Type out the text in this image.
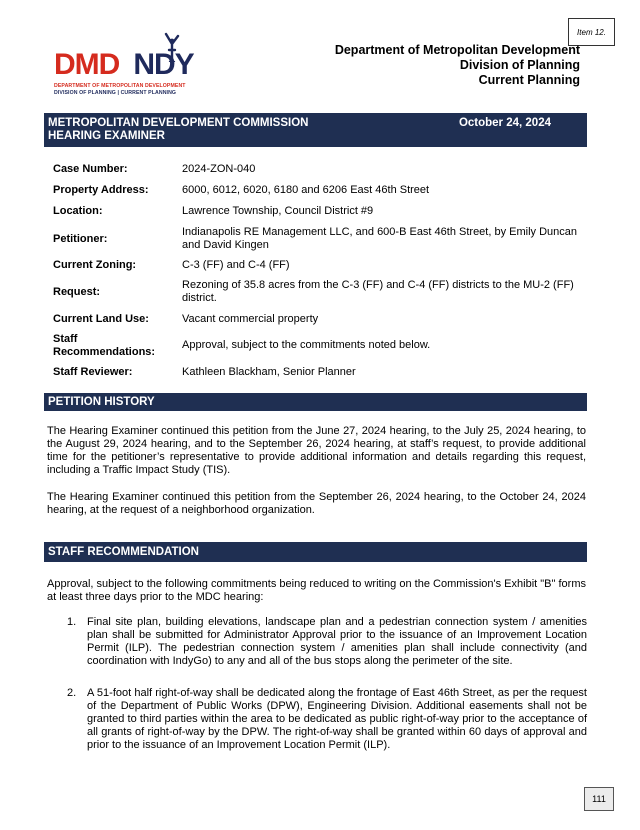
Item 12.
DMD NDY
DEPARTMENT OF METROPOLITAN DEVELOPMENT
DIVISION OF PLANNING | CURRENT PLANNING
Department of Metropolitan Development
Division of Planning
Current Planning
METROPOLITAN DEVELOPMENT COMMISSION
HEARING EXAMINER
October 24, 2024
Case Number:	2024-ZON-040
Property Address:	6000, 6012, 6020, 6180 and 6206 East 46th Street
Location:	Lawrence Township, Council District #9
Petitioner:
Indianapolis RE Management LLC, and 600-B East 46th Street, by Emily Duncan and David Kingen
Current Zoning:	C-3 (FF) and C-4 (FF)
Request:
Rezoning of 35.8 acres from the C-3 (FF) and C-4 (FF) districts to the MU-2 (FF) district.
Current Land Use:	Vacant commercial property
Staff Recommendations:
Approval, subject to the commitments noted below.
Staff Reviewer:	Kathleen Blackham, Senior Planner
PETITION HISTORY
The Hearing Examiner continued this petition from the June 27, 2024 hearing, to the July 25, 2024 hearing, to the August 29, 2024 hearing, and to the September 26, 2024 hearing, at staff’s request, to provide additional time for the petitioner’s representative to provide additional information and details regarding this request, including a Traffic Impact Study (TIS).
The Hearing Examiner continued this petition from the September 26, 2024 hearing, to the October 24, 2024 hearing, at the request of a neighborhood organization.
STAFF RECOMMENDATION
Approval, subject to the following commitments being reduced to writing on the Commission's Exhibit "B" forms at least three days prior to the MDC hearing:
1. Final site plan, building elevations, landscape plan and a pedestrian connection system / amenities plan shall be submitted for Administrator Approval prior to the issuance of an Improvement Location Permit (ILP). The pedestrian connection system / amenities plan shall include connectivity (and coordination with IndyGo) to any and all of the bus stops along the perimeter of the site.
2. A 51-foot half right-of-way shall be dedicated along the frontage of East 46th Street, as per the request of the Department of Public Works (DPW), Engineering Division. Additional easements shall not be granted to third parties within the area to be dedicated as public right-of-way prior to the acceptance of all grants of right-of-way by the DPW. The right-of-way shall be granted within 60 days of approval and prior to the issuance of an Improvement Location Permit (ILP).
111
